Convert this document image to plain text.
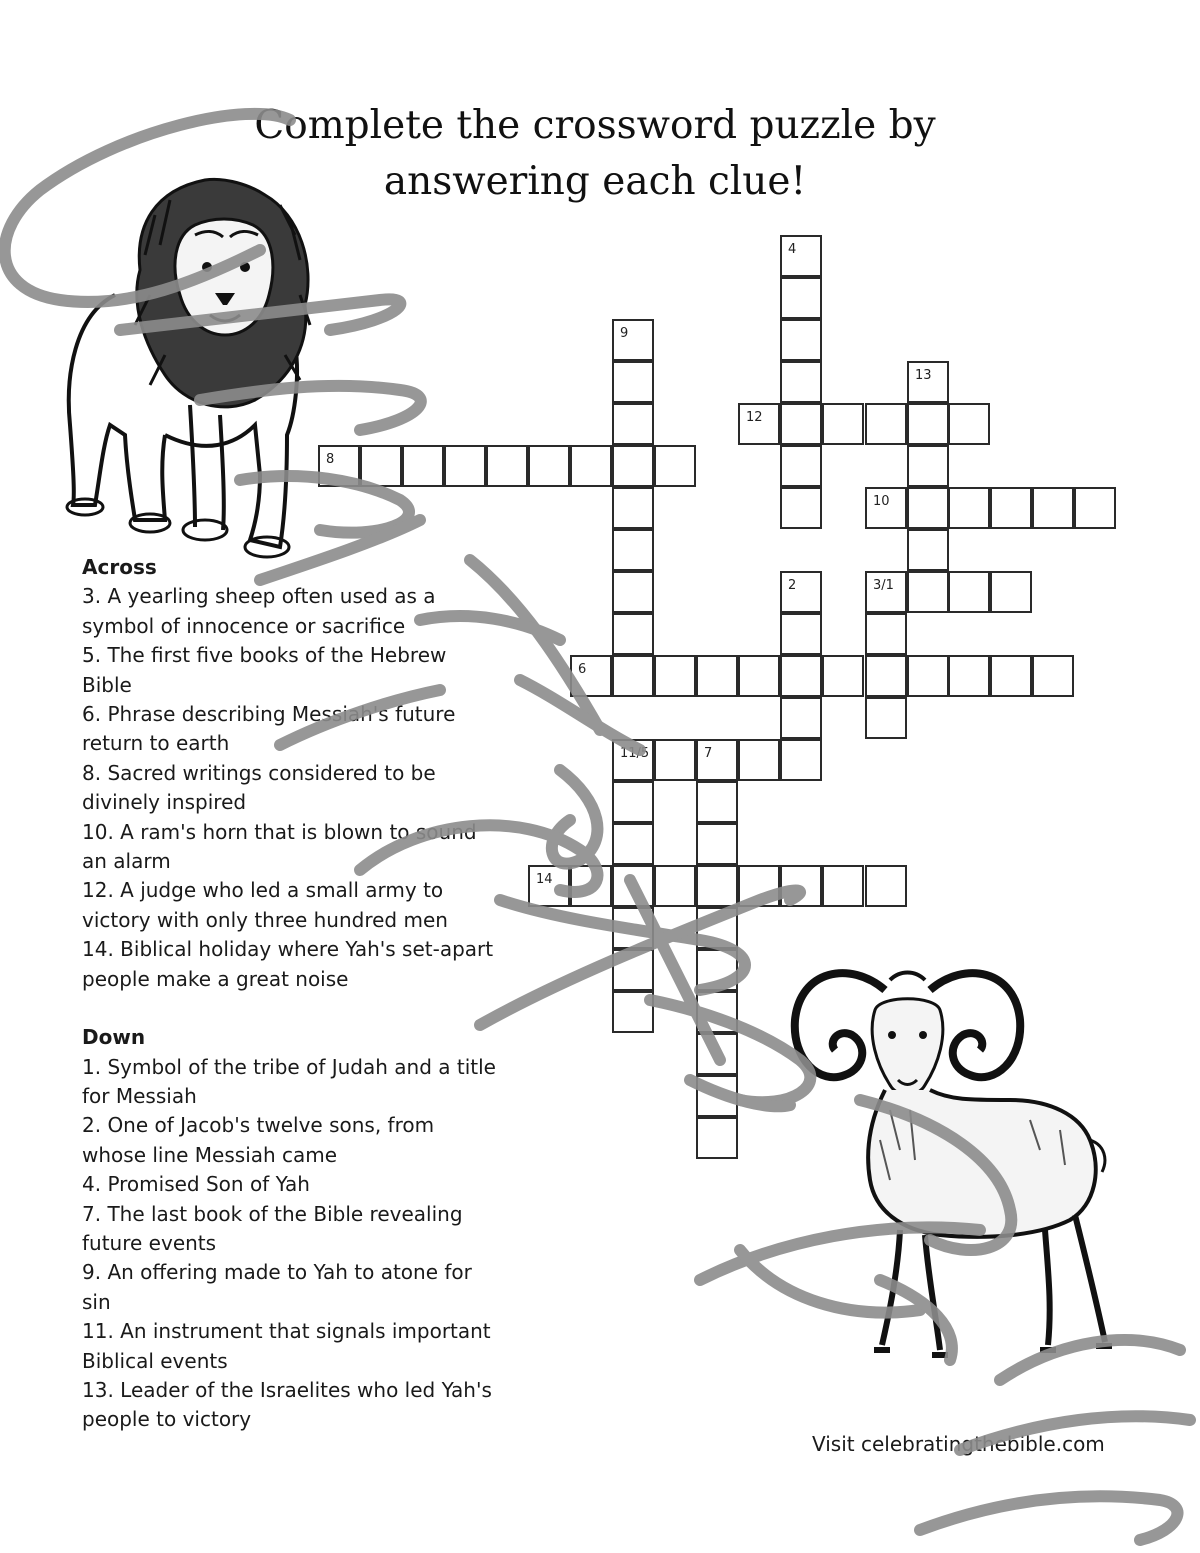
Complete the crossword puzzle by
answering each clue!
4
9
13
12
8
10
2	3/1
6
11/5	7
14

Across

3. A yearling sheep often used as a symbol of innocence or sacrifice

5. The first five books of the Hebrew Bible

6. Phrase describing Messiah's future return to earth

8. Sacred writings considered to be divinely inspired

10. A ram's horn that is blown to sound an alarm

12. A judge who led a small army to victory with only three hundred men

14. Biblical holiday where Yah's set-apart people make a great noise

Down

1. Symbol of the tribe of Judah and a title for Messiah

2. One of Jacob's twelve sons, from whose line Messiah came

4. Promised Son of Yah

7. The last book of the Bible revealing future events

9. An offering made to Yah to atone for sin

11. An instrument that signals important Biblical events

13. Leader of the Israelites who led Yah's people to victory

Visit celebratingthebible.com
